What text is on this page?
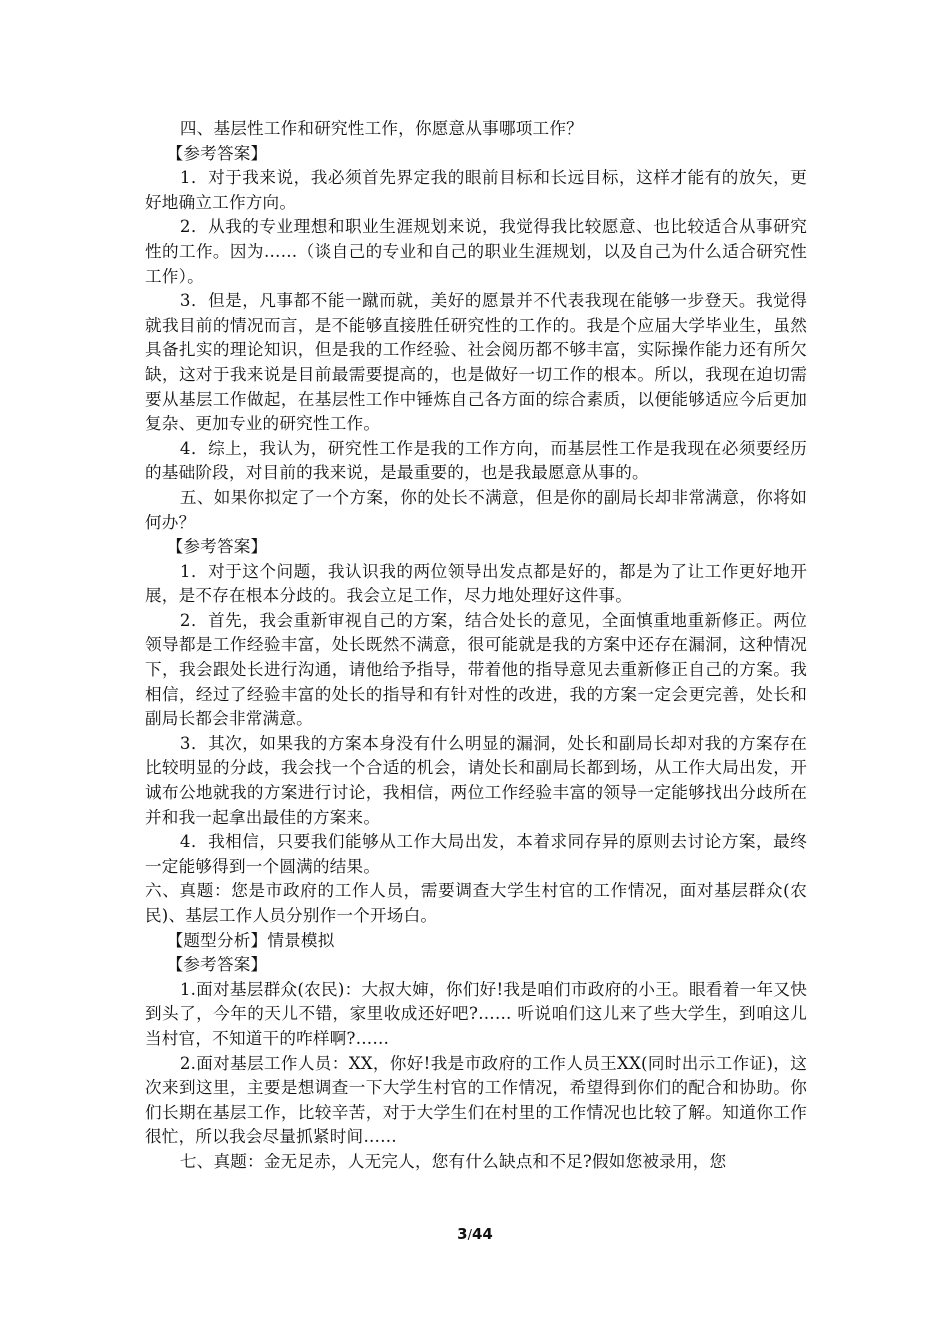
四、基层性工作和研究性工作，你愿意从事哪项工作？

【参考答案】

1．对于我来说，我必须首先界定我的眼前目标和长远目标，这样才能有的放矢，更好地确立工作方向。

2．从我的专业理想和职业生涯规划来说，我觉得我比较愿意、也比较适合从事研究性的工作。因为……（谈自己的专业和自己的职业生涯规划，以及自己为什么适合研究性工作）。

3．但是，凡事都不能一蹴而就，美好的愿景并不代表我现在能够一步登天。我觉得就我目前的情况而言，是不能够直接胜任研究性的工作的。我是个应届大学毕业生，虽然具备扎实的理论知识，但是我的工作经验、社会阅历都不够丰富，实际操作能力还有所欠缺，这对于我来说是目前最需要提高的，也是做好一切工作的根本。所以，我现在迫切需要从基层工作做起，在基层性工作中锤炼自己各方面的综合素质，以便能够适应今后更加复杂、更加专业的研究性工作。

4．综上，我认为，研究性工作是我的工作方向，而基层性工作是我现在必须要经历的基础阶段，对目前的我来说，是最重要的，也是我最愿意从事的。

五、如果你拟定了一个方案，你的处长不满意，但是你的副局长却非常满意，你将如何办？

【参考答案】

1．对于这个问题，我认识我的两位领导出发点都是好的，都是为了让工作更好地开展，是不存在根本分歧的。我会立足工作，尽力地处理好这件事。

2．首先，我会重新审视自己的方案，结合处长的意见，全面慎重地重新修正。两位领导都是工作经验丰富，处长既然不满意，很可能就是我的方案中还存在漏洞，这种情况下，我会跟处长进行沟通，请他给予指导，带着他的指导意见去重新修正自己的方案。我相信，经过了经验丰富的处长的指导和有针对性的改进，我的方案一定会更完善，处长和副局长都会非常满意。

3．其次，如果我的方案本身没有什么明显的漏洞，处长和副局长却对我的方案存在比较明显的分歧，我会找一个合适的机会，请处长和副局长都到场，从工作大局出发，开诚布公地就我的方案进行讨论，我相信，两位工作经验丰富的领导一定能够找出分歧所在并和我一起拿出最佳的方案来。

4．我相信，只要我们能够从工作大局出发，本着求同存异的原则去讨论方案，最终一定能够得到一个圆满的结果。

六、真题：您是市政府的工作人员，需要调查大学生村官的工作情况，面对基层群众(农民)、基层工作人员分别作一个开场白。

【题型分析】情景模拟

【参考答案】

1.面对基层群众(农民)：大叔大婶，你们好!我是咱们市政府的小王。眼看着一年又快到头了，今年的天儿不错，家里收成还好吧?…… 听说咱们这儿来了些大学生，到咱这儿当村官，不知道干的咋样啊?……

2.面对基层工作人员：XX，你好!我是市政府的工作人员王XX(同时出示工作证)，这次来到这里，主要是想调查一下大学生村官的工作情况，希望得到你们的配合和协助。你们长期在基层工作，比较辛苦，对于大学生们在村里的工作情况也比较了解。知道你工作很忙，所以我会尽量抓紧时间……

七、真题：金无足赤，人无完人，您有什么缺点和不足?假如您被录用，您

3/44
